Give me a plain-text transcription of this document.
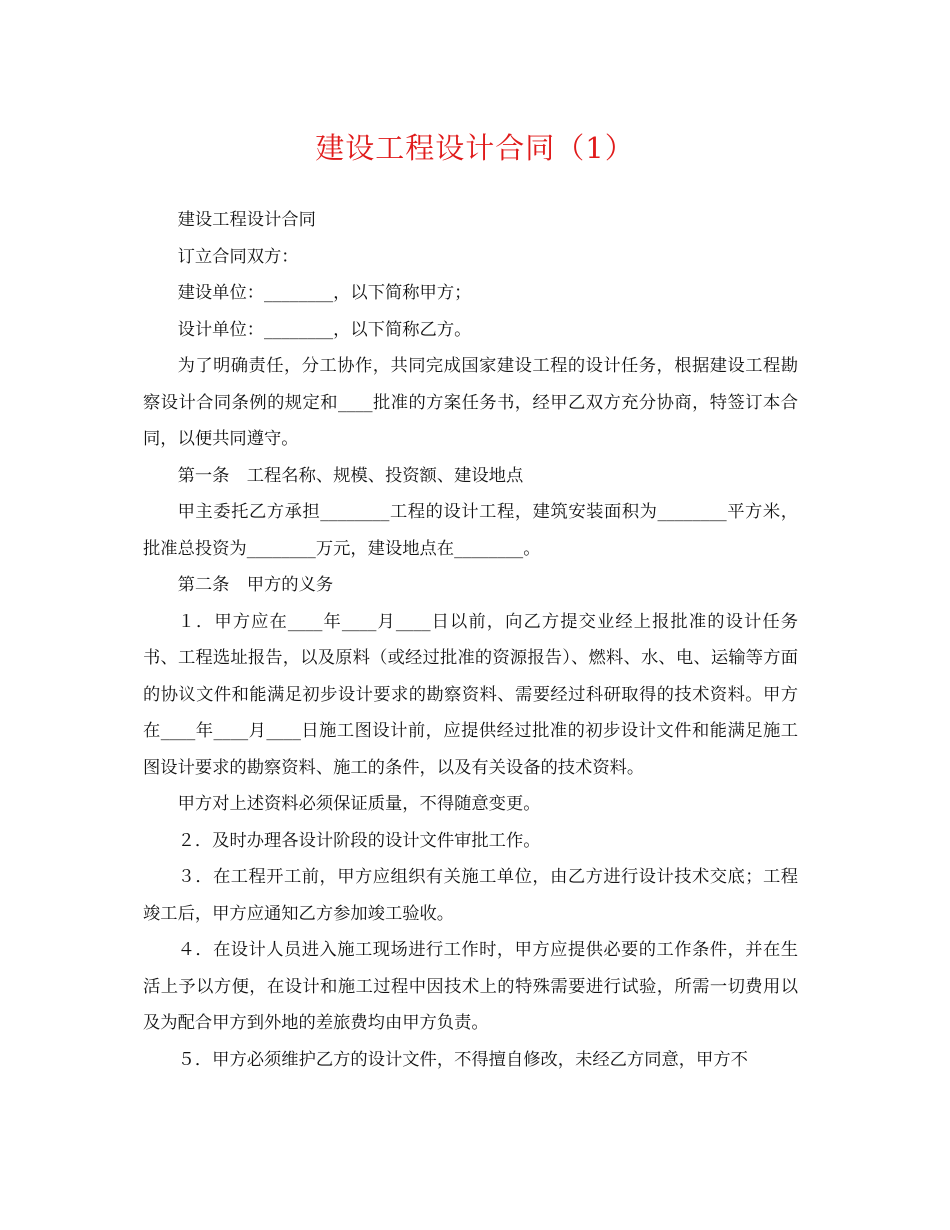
建设工程设计合同（1）

建设工程设计合同

订立合同双方：

建设单位：________，以下简称甲方；

设计单位：________，以下简称乙方。

为了明确责任，分工协作，共同完成国家建设工程的设计任务，根据建设工程勘察设计合同条例的规定和____批准的方案任务书，经甲乙双方充分协商，特签订本合同，以便共同遵守。

第一条　工程名称、规模、投资额、建设地点

甲主委托乙方承担________工程的设计工程，建筑安装面积为________平方米，批准总投资为________万元，建设地点在________。

第二条　甲方的义务

１．甲方应在____年____月____日以前，向乙方提交业经上报批准的设计任务书、工程选址报告，以及原料（或经过批准的资源报告）、燃料、水、电、运输等方面的协议文件和能满足初步设计要求的勘察资料、需要经过科研取得的技术资料。甲方在____年____月____日施工图设计前，应提供经过批准的初步设计文件和能满足施工图设计要求的勘察资料、施工的条件，以及有关设备的技术资料。

甲方对上述资料必须保证质量，不得随意变更。

２．及时办理各设计阶段的设计文件审批工作。

３．在工程开工前，甲方应组织有关施工单位，由乙方进行设计技术交底；工程竣工后，甲方应通知乙方参加竣工验收。

４．在设计人员进入施工现场进行工作时，甲方应提供必要的工作条件，并在生活上予以方便，在设计和施工过程中因技术上的特殊需要进行试验，所需一切费用以及为配合甲方到外地的差旅费均由甲方负责。

５．甲方必须维护乙方的设计文件，不得擅自修改，未经乙方同意，甲方不
